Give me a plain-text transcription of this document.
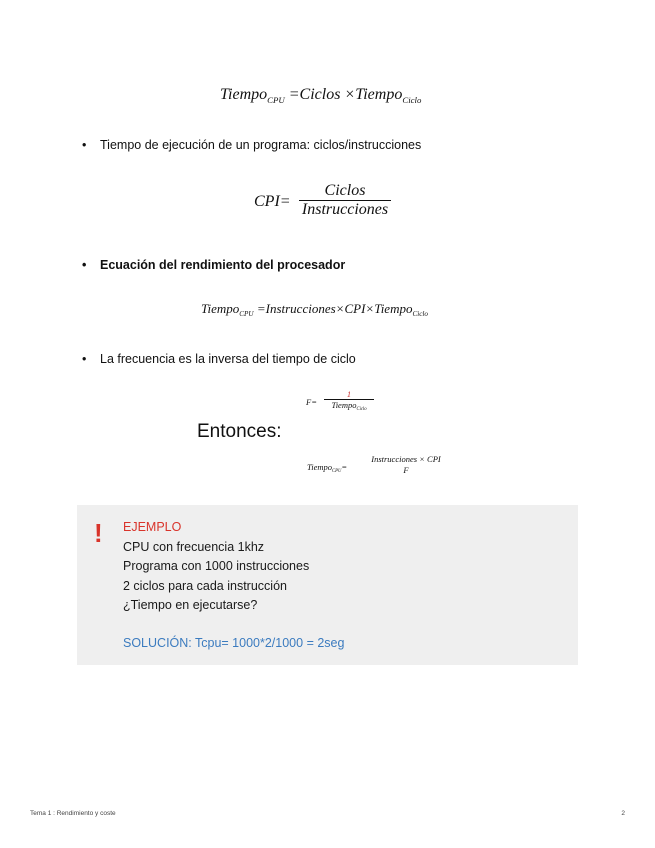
Tiempo$_{CPU}$ =Ciclos ×Tiempo$_{Ciclo}$
• Tiempo de ejecución de un programa: ciclos/instrucciones
CPI=
Ciclos
Instrucciones
• Ecuación del rendimiento del procesador
Tiempo$_{CPU}$ =Instrucciones×CPI×Tiempo$_{Ciclo}$
• La frecuencia es la inversa del tiempo de ciclo
F=
1
Tiempo$_{Ciclo}$
Entonces:
Tiempo$_{CPU}$=
Instrucciones × CPI
F
! EJEMPLO
CPU con frecuencia 1khz
Programa con 1000 instrucciones
2 ciclos para cada instrucción
¿Tiempo en ejecutarse?
SOLUCIÓN: Tcpu= 1000*2/1000 = 2seg
Tema 1 : Rendimiento y coste	2
